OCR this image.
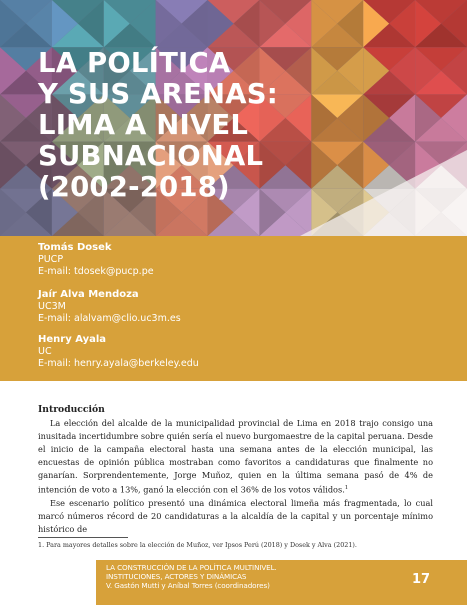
LA POLÍTICA
Y SUS ARENAS:
LIMA A NIVEL
SUBNACIONAL
(2002-2018)
Tomás Dosek
PUCP
E-mail: tdosek@pucp.pe
Jaír Alva Mendoza
UC3M
E-mail: alalvam@clio.uc3m.es
Henry Ayala
UC
E-mail: henry.ayala@berkeley.edu
Introducción

La elección del alcalde de la municipalidad provincial de Lima en 2018 trajo consigo una inusitada incertidumbre sobre quién sería el nuevo burgomaestre de la capital peruana. Desde el inicio de la campaña electoral hasta una semana antes de la elección municipal, las encuestas de opinión pública mostraban como favoritos a candidaturas que finalmente no ganarían. Sorprendentemente, Jorge Muñoz, quien en la última semana pasó de 4% de intención de voto a 13%, ganó la elección con el 36% de los votos válidos.$^1$

Ese escenario político presentó una dinámica electoral limeña más fragmentada, lo cual marcó números récord de 20 candidaturas a la alcaldía de la capital y un porcentaje mínimo histórico de

1. Para mayores detalles sobre la elección de Muñoz, ver Ipsos Perú (2018) y Dosek y Alva (2021).
LA CONSTRUCCIÓN DE LA POLÍTICA MULTINIVEL.
INSTITUCIONES, ACTORES Y DINÁMICAS
V. Gastón Mutti y Aníbal Torres (coordinadores)	17
